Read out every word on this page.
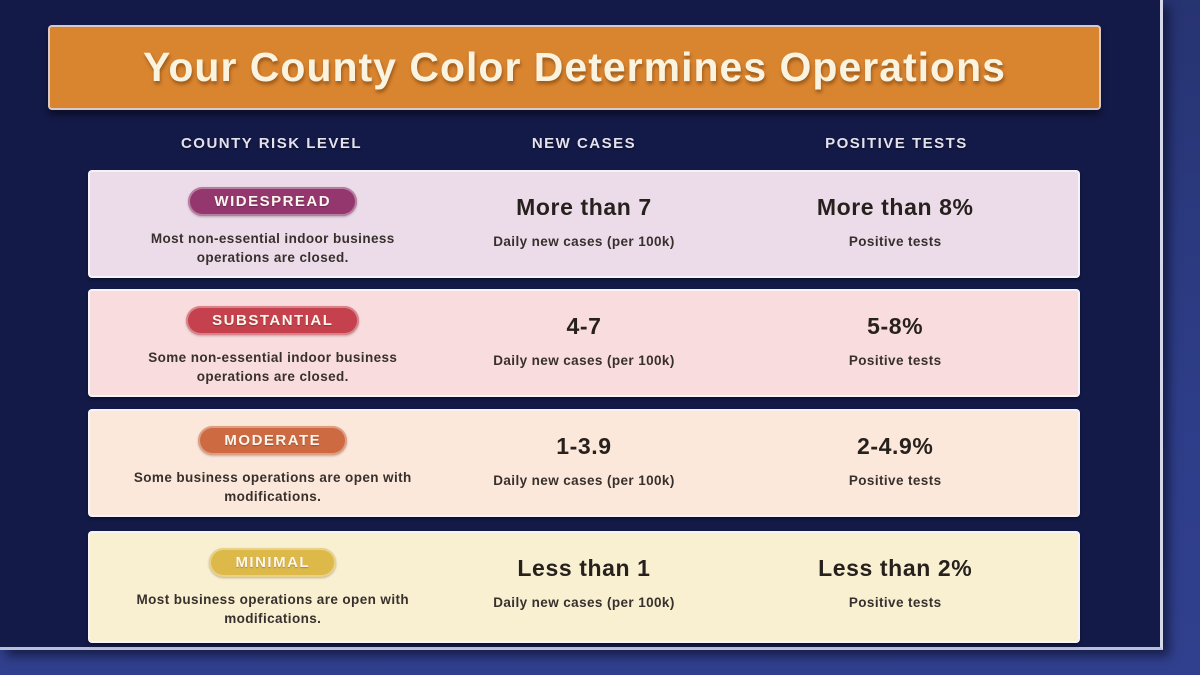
Your County Color Determines Operations
COUNTY RISK LEVEL	NEW CASES	POSITIVE TESTS
WIDESPREAD
Most non-essential indoor business operations are closed.
More than 7
Daily new cases (per 100k)
More than 8%
Positive tests
SUBSTANTIAL
Some non-essential indoor business operations are closed.
4-7
Daily new cases (per 100k)
5-8%
Positive tests
MODERATE
Some business operations are open with modifications.
1-3.9
Daily new cases (per 100k)
2-4.9%
Positive tests
MINIMAL
Most business operations are open with modifications.
Less than 1
Daily new cases (per 100k)
Less than 2%
Positive tests
